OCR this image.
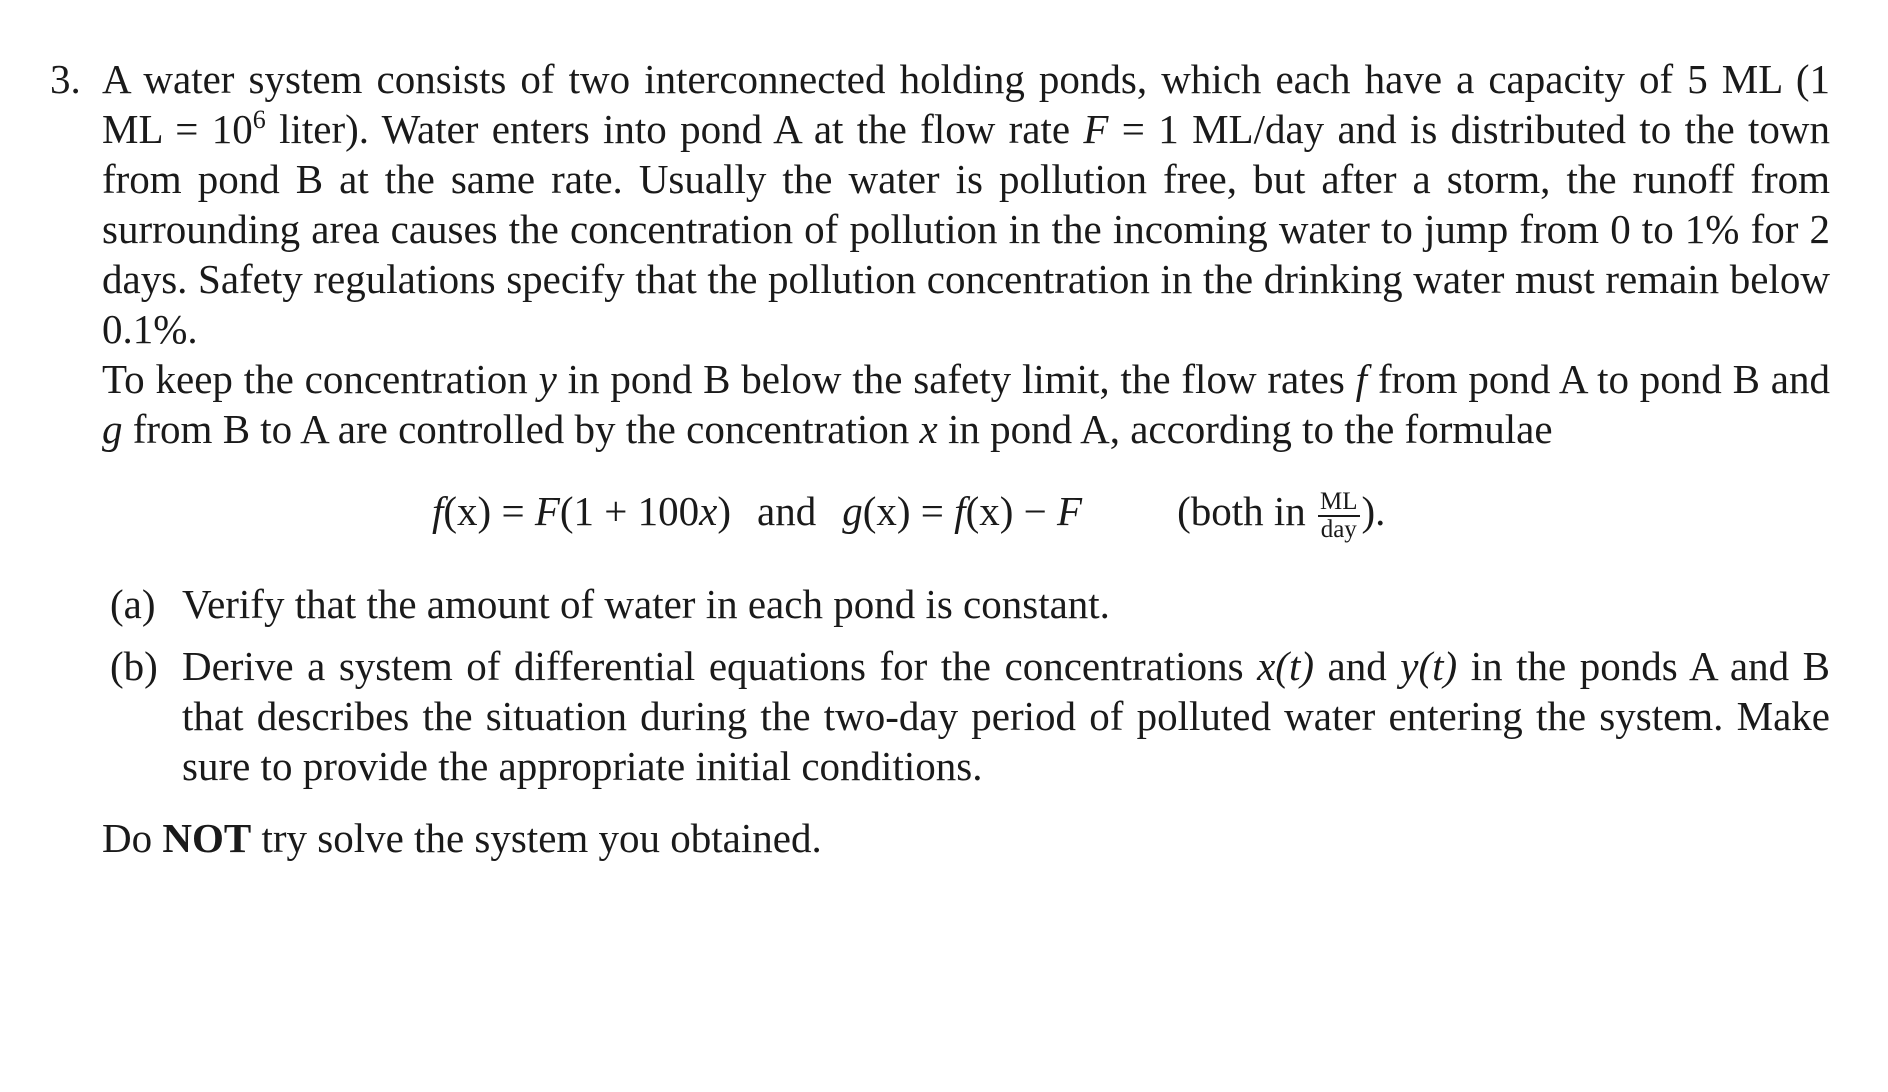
3. A water system consists of two interconnected holding ponds, which each have a capacity of 5 ML (1 ML = $10^6$ liter). Water enters into pond A at the flow rate F = 1 ML/day and is distributed to the town from pond B at the same rate. Usually the water is pollution free, but after a storm, the runoff from surrounding area causes the concentration of pollution in the incoming water to jump from 0 to 1% for 2 days. Safety regulations specify that the pollution concentration in the drinking water must remain below 0.1%.
To keep the concentration y in pond B below the safety limit, the flow rates f from pond A to pond B and g from B to A are controlled by the concentration x in pond A, according to the formulae
f(x) = F(1 + 100x) and g(x) = f(x) − F (both in $\frac{ML}{\text{day}}$ ).
(a) Verify that the amount of water in each pond is constant.
(b) Derive a system of differential equations for the concentrations x(t) and y(t) in the ponds A and B that describes the situation during the two-day period of polluted water entering the system. Make sure to provide the appropriate initial conditions.
Do NOT try solve the system you obtained.
